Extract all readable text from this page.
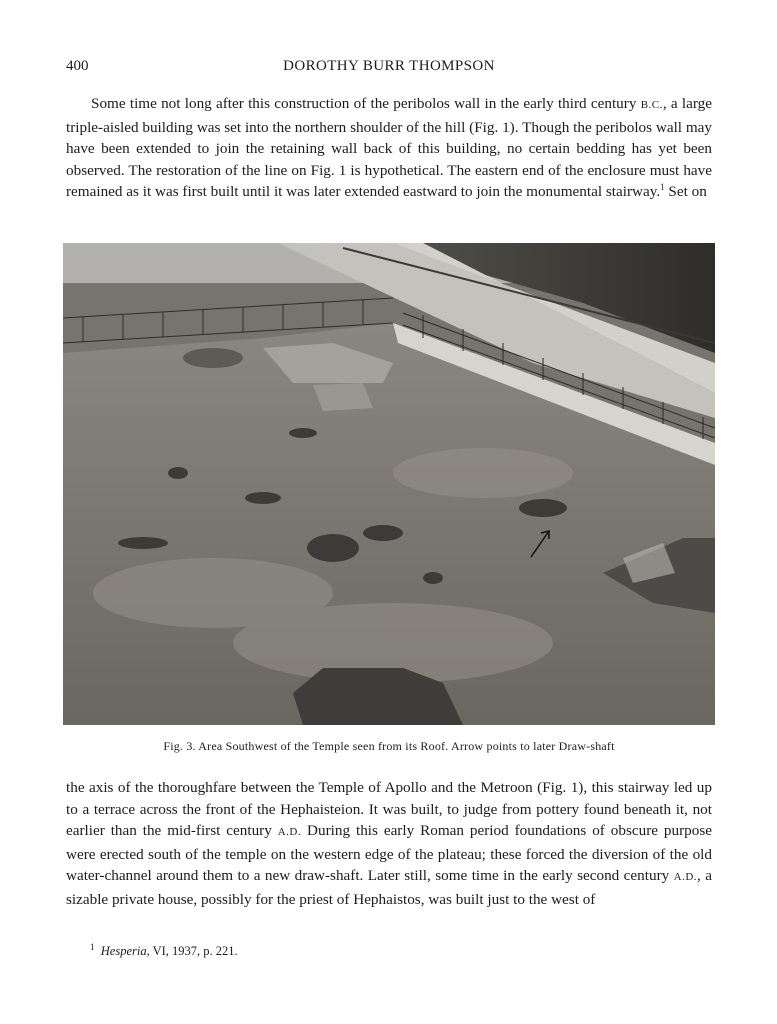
400	DOROTHY BURR THOMPSON

Some time not long after this construction of the peribolos wall in the early third century B.C., a large triple-aisled building was set into the northern shoulder of the hill (Fig. 1). Though the peribolos wall may have been extended to join the retaining wall back of this building, no certain bedding has yet been observed. The restoration of the line on Fig. 1 is hypothetical. The eastern end of the enclosure must have remained as it was first built until it was later extended eastward to join the monumental stairway.$^1$ Set on

Fig. 3. Area Southwest of the Temple seen from its Roof. Arrow points to later Draw-shaft

the axis of the thoroughfare between the Temple of Apollo and the Metroon (Fig. 1), this stairway led up to a terrace across the front of the Hephaisteion. It was built, to judge from pottery found beneath it, not earlier than the mid-first century A.D. During this early Roman period foundations of obscure purpose were erected south of the temple on the western edge of the plateau; these forced the diversion of the old water-channel around them to a new draw-shaft. Later still, some time in the early second century A.D., a sizable private house, possibly for the priest of Hephaistos, was built just to the west of

$^1$ Hesperia, VI, 1937, p. 221.
